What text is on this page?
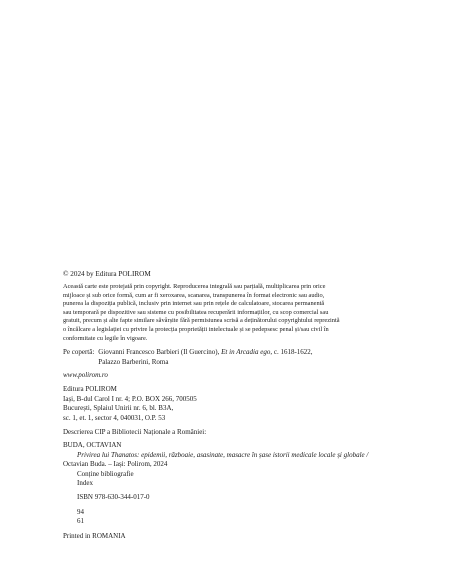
© 2024 by Editura POLIROM
Această carte este protejată prin copyright. Reproducerea integrală sau parțială, multiplicarea prin orice
mijloace și sub orice formă, cum ar fi xeroxarea, scanarea, transpunerea în format electronic sau audio,
punerea la dispoziția publică, inclusiv prin internet sau prin rețele de calculatoare, stocarea permanentă
sau temporară pe dispozitive sau sisteme cu posibilitatea recuperării informațiilor, cu scop comercial sau
gratuit, precum și alte fapte similare săvârșite fără permisiunea scrisă a deținătorului copyrightului reprezintă
o încălcare a legislației cu privire la protecția proprietății intelectuale și se pedepsesc penal și/sau civil în
conformitate cu legile în vigoare.
Pe copertă: Giovanni Francesco Barbieri (Il Guercino), Et in Arcadia ego, c. 1618-1622,
Palazzo Barberini, Roma
www.polirom.ro
Editura POLIROM
Iași, B-dul Carol I nr. 4; P.O. BOX 266, 700505
București, Splaiul Unirii nr. 6, bl. B3A,
sc. 1, et. 1, sector 4, 040031, O.P. 53
Descrierea CIP a Bibliotecii Naționale a României:
BUDA, OCTAVIAN
Privirea lui Thanatos: epidemii, războaie, asasinate, masacre în șase istorii medicale locale și globale /
Octavian Buda. – Iași: Polirom, 2024
Conține bibliografie
Index
ISBN 978-630-344-017-0
94
61
Printed in ROMANIA
